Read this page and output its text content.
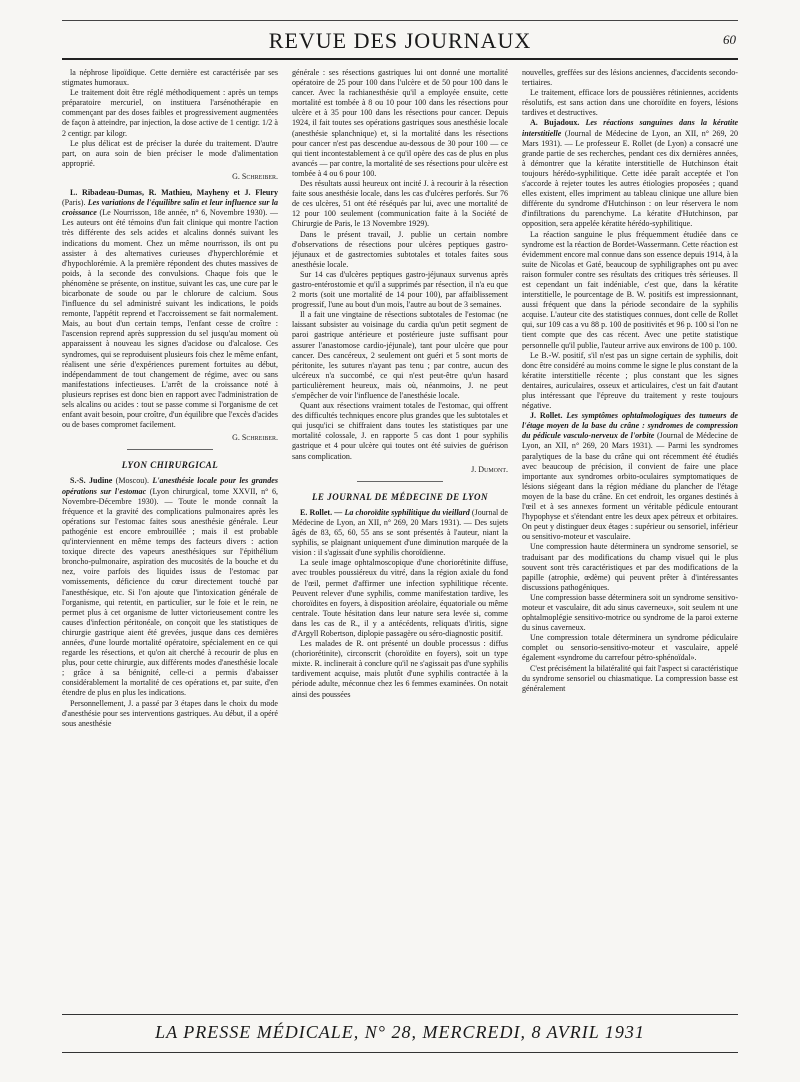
REVUE DES JOURNAUX	60

la néphrose lipoïdique. Cette dernière est caractérisée par ses stigmates humoraux.

Le traitement doit être réglé méthodiquement : après un temps préparatoire mercuriel, on instituera l'arsénothérapie en commençant par des doses faibles et progressivement augmentées de façon à atteindre, par injection, la dose active de 1 centigr. 1/2 à 2 centigr. par kilogr.

Le plus délicat est de préciser la durée du traitement. D'autre part, on aura soin de bien préciser le mode d'alimentation approprié.

G. Schreiber.

L. Ribadeau-Dumas, R. Mathieu, Mayheny et J. Fleury (Paris). Les variations de l'équilibre salin et leur influence sur la croissance (Le Nourrisson, 18e année, n° 6, Novembre 1930). — Les auteurs ont été témoins d'un fait clinique qui montre l'action très différente des sels acides et alcalins donnés suivant les indications du moment. Chez un même nourrisson, ils ont pu assister à des alternatives curieuses d'hyperchlorémie et d'hypochlorémie. A la première répondent des chutes massives de poids, à la seconde des convulsions. Chaque fois que le phénomène se présente, on institue, suivant les cas, une cure par le bicarbonate de soude ou par le chlorure de calcium. Sous l'influence du sel administré suivant les indications, le poids remonte, l'appétit reprend et l'accroissement se fait normalement. Mais, au bout d'un certain temps, l'enfant cesse de croître : l'ascension reprend après suppression du sel jusqu'au moment où apparaissent à nouveau les signes d'acidose ou d'alcalose. Ces syndromes, qui se reproduisent plusieurs fois chez le même enfant, réalisent une série d'expériences purement fortuites au début, indépendamment de tout changement de régime, avec ou sans manifestations infectieuses. L'arrêt de la croissance noté à plusieurs reprises est donc bien en rapport avec l'administration de sels alcalins ou acides : tout se passe comme si l'organisme de cet enfant avait besoin, pour croître, d'un équilibre que l'excès d'acides ou de bases compromet facilement.

G. Schreiber.
LYON CHIRURGICAL

S.-S. Judine (Moscou). L'anesthésie locale pour les grandes opérations sur l'estomac (Lyon chirurgical, tome XXVII, n° 6, Novembre-Décembre 1930). — Toute le monde connaît la fréquence et la gravité des complications pulmonaires après les opérations sur l'estomac faites sous anesthésie générale. Leur pathogénie est encore embrouillée ; mais il est probable qu'interviennent en même temps des facteurs divers : action toxique directe des vapeurs anesthésiques sur l'épithélium broncho-pulmonaire, aspiration des mucosités de la bouche et du nez, voire parfois des liquides issus de l'estomac par vomissements, déficience du cœur directement touché par l'anesthésique, etc. Si l'on ajoute que l'intoxication générale de l'organisme, qui retentit, en particulier, sur le foie et le rein, ne permet plus à cet organisme de lutter victorieusement contre les causes d'infection péritonéale, on conçoit que les statistiques de chirurgie gastrique aient été grevées, jusque dans ces dernières années, d'une lourde mortalité opératoire, spécialement en ce qui regarde les résections, et qu'on ait cherché à recourir de plus en plus, pour cette chirurgie, aux différents modes d'anesthésie locale ; grâce à sa bénignité, celle-ci a permis d'abaisser considérablement la mortalité de ces opérations et, par suite, d'en étendre de plus en plus les indications.

Personnellement, J. a passé par 3 étapes dans le choix du mode d'anesthésie pour ses interventions gastriques. Au début, il a opéré sous anesthésie

générale : ses résections gastriques lui ont donné une mortalité opératoire de 25 pour 100 dans l'ulcère et de 50 pour 100 dans le cancer. Avec la rachianesthésie qu'il a employée ensuite, cette mortalité est tombée à 8 ou 10 pour 100 dans les résections pour ulcère et à 35 pour 100 dans les résections pour cancer. Depuis 1924, il fait toutes ses opérations gastriques sous anesthésie locale (anesthésie splanchnique) et, si la mortalité dans les résections pour cancer n'est pas descendue au-dessous de 30 pour 100 — ce qui tient incontestablement à ce qu'il opère des cas de plus en plus avancés — par contre, la mortalité de ses résections pour ulcère est tombée à 4 ou 6 pour 100.

Des résultats aussi heureux ont incité J. à recourir à la résection faite sous anesthésie locale, dans les cas d'ulcères perforés. Sur 76 de ces ulcères, 51 ont été réséqués par lui, avec une mortalité de 12 pour 100 seulement (communication faite à la Société de Chirurgie de Paris, le 13 Novembre 1929).

Dans le présent travail, J. publie un certain nombre d'observations de résections pour ulcères peptiques gastro-jéjunaux et de gastrectomies subtotales et totales faites sous anesthésie locale.

Sur 14 cas d'ulcères peptiques gastro-jéjunaux survenus après gastro-entérostomie et qu'il a supprimés par résection, il n'a eu que 2 morts (soit une mortalité de 14 pour 100), par affaiblissement progressif, l'une au bout d'un mois, l'autre au bout de 3 semaines.

Il a fait une vingtaine de résections subtotales de l'estomac (ne laissant subsister au voisinage du cardia qu'un petit segment de paroi gastrique antérieure et postérieure juste suffisant pour assurer l'anastomose cardio-jéjunale), tant pour ulcère que pour cancer. Des cancéreux, 2 seulement ont guéri et 5 sont morts de péritonite, les sutures n'ayant pas tenu ; par contre, aucun des ulcéreux n'a succombé, ce qui n'est peut-être qu'un hasard particulièrement heureux, mais où, néanmoins, J. ne peut s'empêcher de voir l'influence de l'anesthésie locale.

Quant aux résections vraiment totales de l'estomac, qui offrent des difficultés techniques encore plus grandes que les subtotales et qui jusqu'ici se chiffraient dans toutes les statistiques par une mortalité colossale, J. en rapporte 5 cas dont 1 pour syphilis gastrique et 4 pour ulcère qui toutes ont été suivies de guérison sans complication.

J. Dumont.
LE JOURNAL DE MÉDECINE DE LYON

E. Rollet. — La choroïdite syphilitique du vieillard (Journal de Médecine de Lyon, an XII, n° 269, 20 Mars 1931). — Des sujets âgés de 83, 65, 60, 55 ans se sont présentés à l'auteur, niant la syphilis, se plaignant uniquement d'une diminution marquée de la vision : il s'agissait d'une syphilis choroïdienne.

La seule image ophtalmoscopique d'une choriorétinite diffuse, avec troubles poussiéreux du vitré, dans la région axiale du fond de l'œil, permet d'affirmer une infection syphilitique récente. Peuvent relever d'une syphilis, comme manifestation tardive, les choroïdites en foyers, à disposition aréolaire, équatoriale ou même centrale. Toute hésitation dans leur nature sera levée si, comme dans les cas de R., il y a antécédents, reliquats d'iritis, signe d'Argyll Robertson, diplopie passagère ou séro-diagnostic positif.

Les malades de R. ont présenté un double processus : diffus (choriorétinite), circonscrit (choroïdite en foyers), soit un type mixte. R. inclinerait à conclure qu'il ne s'agissait pas d'une syphilis tardivement acquise, mais plutôt d'une syphilis contractée à la période adulte, méconnue chez les 6 femmes examinées. On notait ainsi des poussées

nouvelles, greffées sur des lésions anciennes, d'accidents secondo-tertiaires.

Le traitement, efficace lors de poussières rétiniennes, accidents résolutifs, est sans action dans une choroïdite en foyers, lésions tardives et destructives.

A. Bujadoux. Les réactions sanguines dans la kératite interstitielle (Journal de Médecine de Lyon, an XII, n° 269, 20 Mars 1931). — Le professeur E. Rollet (de Lyon) a consacré une grande partie de ses recherches, pendant ces dix dernières années, à démontrer que la kératite interstitielle de Hutchinson était toujours hérédo-syphilitique. Cette idée paraît acceptée et l'on s'accorde à rejeter toutes les autres étiologies proposées ; quand elles existent, elles impriment au tableau clinique une allure bien différente du syndrome d'Hutchinson : on leur réservera le nom d'infiltrations du parenchyme. La kératite d'Hutchinson, par opposition, sera appelée kératite hérédo-syphilitique.

La réaction sanguine le plus fréquemment étudiée dans ce syndrome est la réaction de Bordet-Wassermann. Cette réaction est évidemment encore mal connue dans son essence depuis 1914, à la suite de Nicolas et Gaté, beaucoup de syphiligraphes ont pu avec raison formuler contre ses résultats des critiques très sérieuses. Il est cependant un fait indéniable, c'est que, dans la kératite interstitielle, le pourcentage de B. W. positifs est impressionnant, aussi fréquent que dans la période secondaire de la syphilis acquise. L'auteur cite des statistiques connues, dont celle de Rollet qui, sur 109 cas a vu 88 p. 100 de positivités et 96 p. 100 si l'on ne tient compte que des cas récent. Avec une petite statistique personnelle qu'il publie, l'auteur arrive aux environs de 100 p. 100.

Le B.-W. positif, s'il n'est pas un signe certain de syphilis, doit donc être considéré au moins comme le signe le plus constant de la kératite interstitielle récente ; plus constant que les signes dentaires, auriculaires, osseux et articulaires, c'est un fait d'autant plus intéressant que l'épreuve du traitement y reste toujours négative.

J. Rollet. Les symptômes ophtalmologiques des tumeurs de l'étage moyen de la base du crâne : syndromes de compression du pédicule vasculo-nerveux de l'orbite (Journal de Médecine de Lyon, an XII, n° 269, 20 Mars 1931). — Parmi les syndromes paralytiques de la base du crâne qui ont récemment été étudiés avec beaucoup de précision, il convient de faire une place importante aux syndromes orbito-oculaires symptomatiques de lésions siégeant dans la région médiane du plancher de l'étage moyen de la base du crâne. En cet endroit, les organes destinés à l'œil et à ses annexes forment un véritable pédicule entourant l'hypophyse et s'étendant entre les deux apex pétreux et orbitaires. On peut y distinguer deux étages : supérieur ou sensoriel, inférieur ou sensitivo-moteur et vasculaire.

Une compression haute déterminera un syndrome sensoriel, se traduisant par des modifications du champ visuel qui le plus souvent sont très caractéristiques et par des modifications de la papille (atrophie, œdème) qui peuvent prêter à d'intéressantes discussions pathogéniques.

Une compression basse déterminera soit un syndrome sensitivo-moteur et vasculaire, dit adu sinus caverneux», soit seulem nt une ophtalmoplégie sensitivo-motrice ou syndrome de la paroi externe du sinus caverneux.

Une compression totale déterminera un syndrome pédiculaire complet ou sensorio-sensitivo-moteur et vasculaire, appelé également «syndrome du carrefour pétro-sphénoïdal».

C'est précisément la bilatéralité qui fait l'aspect si caractéristique du syndrome sensoriel ou chiasmatique. La compression basse est généralement

LA PRESSE MÉDICALE, N° 28, MERCREDI, 8 AVRIL 1931
